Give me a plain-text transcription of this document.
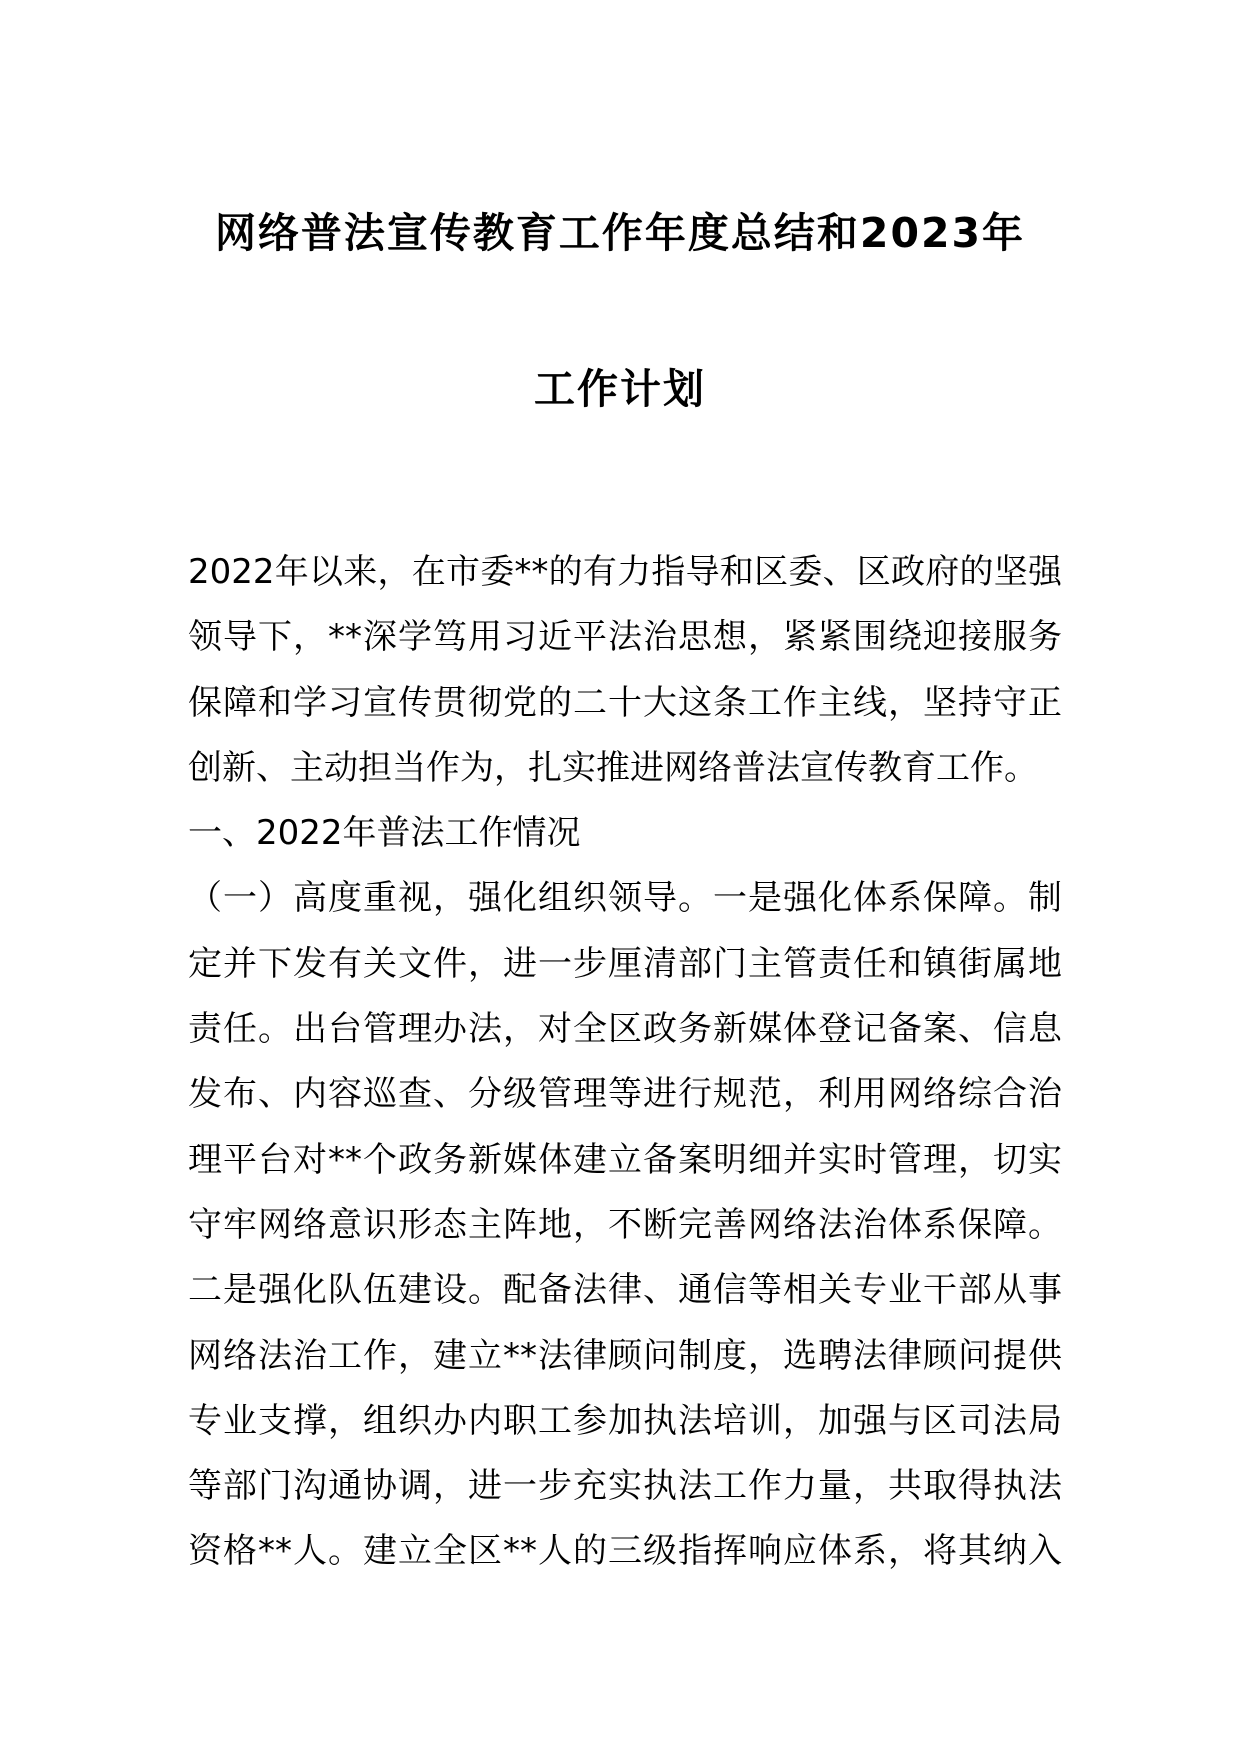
网络普法宣传教育工作年度总结和2023年
工作计划
2022年以来，在市委**的有力指导和区委、区政府的坚强
领导下，**深学笃用习近平法治思想，紧紧围绕迎接服务
保障和学习宣传贯彻党的二十大这条工作主线，坚持守正
创新、主动担当作为，扎实推进网络普法宣传教育工作。
一、2022年普法工作情况
（一）高度重视，强化组织领导。一是强化体系保障。制
定并下发有关文件，进一步厘清部门主管责任和镇街属地
责任。出台管理办法，对全区政务新媒体登记备案、信息
发布、内容巡查、分级管理等进行规范，利用网络综合治
理平台对**个政务新媒体建立备案明细并实时管理，切实
守牢网络意识形态主阵地，不断完善网络法治体系保障。
二是强化队伍建设。配备法律、通信等相关专业干部从事
网络法治工作，建立**法律顾问制度，选聘法律顾问提供
专业支撑，组织办内职工参加执法培训，加强与区司法局
等部门沟通协调，进一步充实执法工作力量，共取得执法
资格**人。建立全区**人的三级指挥响应体系，将其纳入
